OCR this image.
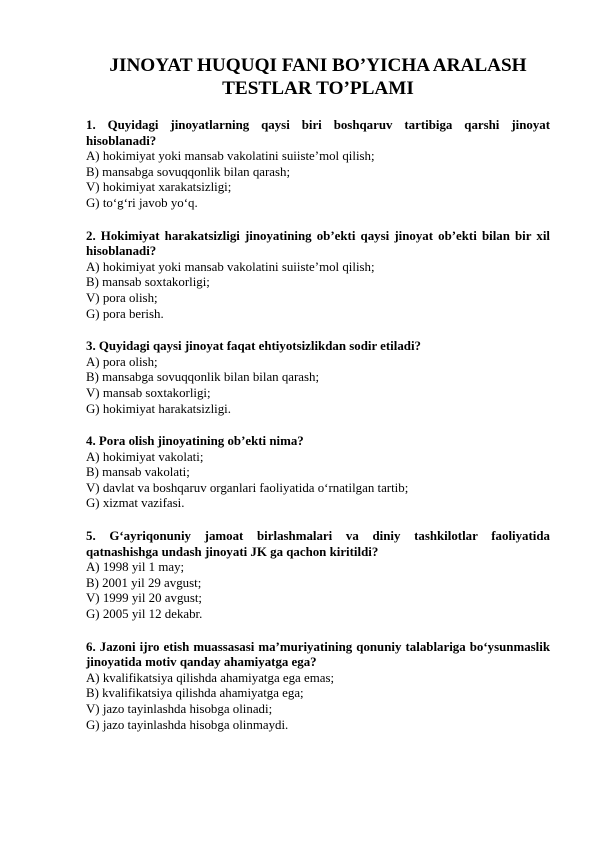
JINOYAT HUQUQI FANI BO’YICHA ARALASH TESTLAR TO’PLAMI

1. Quyidagi jinoyatlarning qaysi biri boshqaruv tartibiga qarshi jinoyat hisoblanadi?

A) hokimiyat yoki mansab vakolatini suiiste’mol qilish;

B) mansabga sovuqqonlik bilan qarash;

V) hokimiyat xarakatsizligi;

G) to‘g‘ri javob yo‘q.

2. Hokimiyat harakatsizligi jinoyatining ob’ekti qaysi jinoyat ob’ekti bilan bir xil hisoblanadi?

A) hokimiyat yoki mansab vakolatini suiiste’mol qilish;

B) mansab soxtakorligi;

V) pora olish;

G) pora berish.

3. Quyidagi qaysi jinoyat faqat ehtiyotsizlikdan sodir etiladi?

A) pora olish;

B) mansabga sovuqqonlik bilan bilan qarash;

V) mansab soxtakorligi;

G) hokimiyat harakatsizligi.

4. Pora olish jinoyatining ob’ekti nima?

A) hokimiyat vakolati;

B) mansab vakolati;

V) davlat va boshqaruv organlari faoliyatida o‘rnatilgan tartib;

G) xizmat vazifasi.

5. G‘ayriqonuniy jamoat birlashmalari va diniy tashkilotlar faoliyatida qatnashishga undash jinoyati JK ga qachon kiritildi?

A) 1998 yil 1 may;

B) 2001 yil 29 avgust;

V) 1999 yil 20 avgust;

G) 2005 yil 12 dekabr.

6. Jazoni ijro etish muassasasi ma’muriyatining qonuniy talablariga bo‘ysunmaslik jinoyatida motiv qanday ahamiyatga ega?

A) kvalifikatsiya qilishda ahamiyatga ega emas;

B) kvalifikatsiya qilishda ahamiyatga ega;

V) jazo tayinlashda hisobga olinadi;

G) jazo tayinlashda hisobga olinmaydi.
